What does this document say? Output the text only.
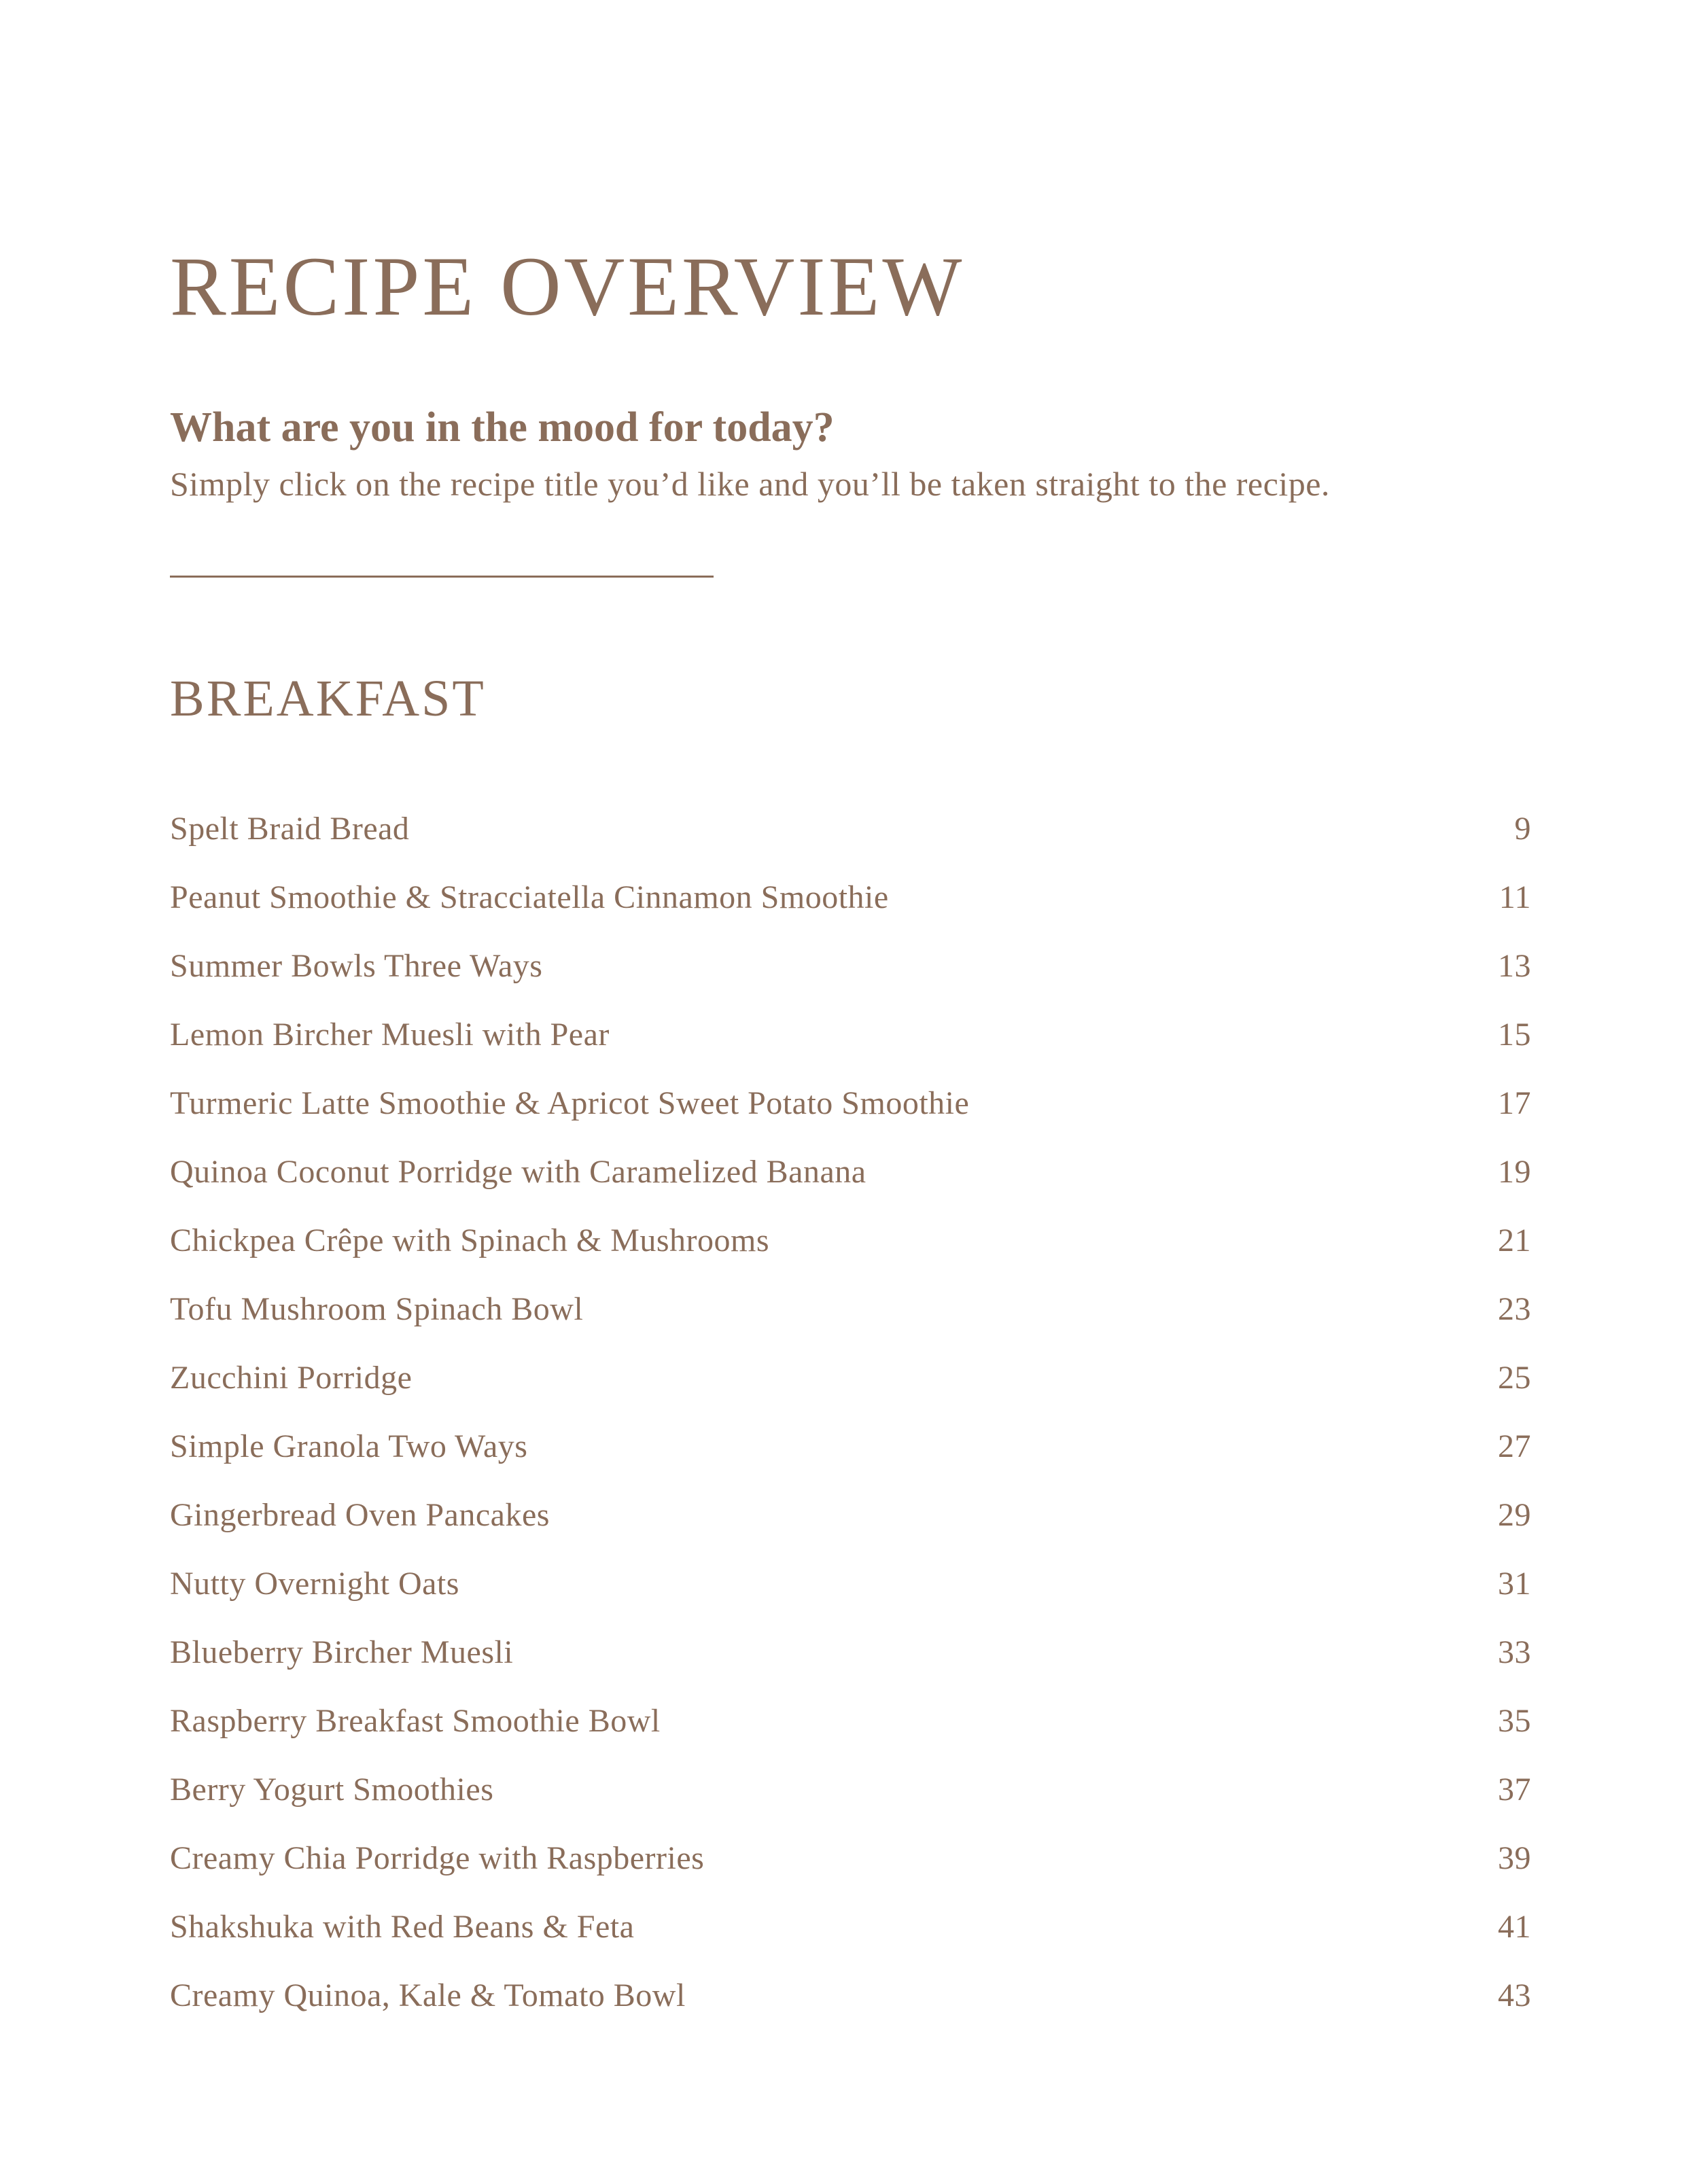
RECIPE OVERVIEW
What are you in the mood for today?

Simply click on the recipe title you’d like and you’ll be taken straight to the recipe.

BREAKFAST
Spelt Braid Bread	9
Peanut Smoothie & Stracciatella Cinnamon Smoothie	11
Summer Bowls Three Ways	13
Lemon Bircher Muesli with Pear	15
Turmeric Latte Smoothie & Apricot Sweet Potato Smoothie	17
Quinoa Coconut Porridge with Caramelized Banana	19
Chickpea Crêpe with Spinach & Mushrooms	21
Tofu Mushroom Spinach Bowl	23
Zucchini Porridge	25
Simple Granola Two Ways	27
Gingerbread Oven Pancakes	29
Nutty Overnight Oats	31
Blueberry Bircher Muesli	33
Raspberry Breakfast Smoothie Bowl	35
Berry Yogurt Smoothies	37
Creamy Chia Porridge with Raspberries	39
Shakshuka with Red Beans & Feta	41
Creamy Quinoa, Kale & Tomato Bowl	43
